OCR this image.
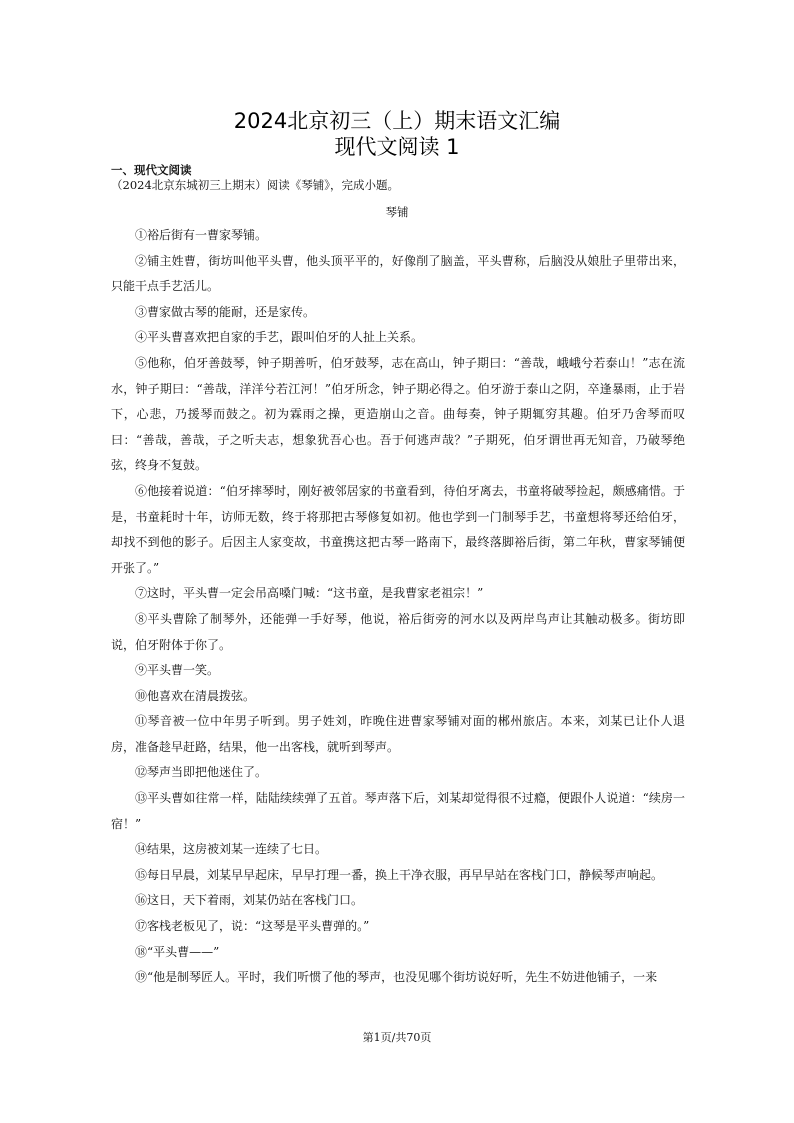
2024北京初三（上）期末语文汇编
现代文阅读 1
一、现代文阅读
（2024北京东城初三上期末）阅读《琴铺》，完成小题。
琴铺

①裕后街有一曹家琴铺。

②铺主姓曹，街坊叫他平头曹，他头顶平平的，好像削了脑盖，平头曹称，后脑没从娘肚子里带出来，只能干点手艺活儿。

③曹家做古琴的能耐，还是家传。

④平头曹喜欢把自家的手艺，跟叫伯牙的人扯上关系。

⑤他称，伯牙善鼓琴，钟子期善听，伯牙鼓琴，志在高山，钟子期曰：“善哉，峨峨兮若泰山！”志在流水，钟子期曰：“善哉，洋洋兮若江河！”伯牙所念，钟子期必得之。伯牙游于泰山之阴，卒逢暴雨，止于岩下，心悲，乃援琴而鼓之。初为霖雨之操，更造崩山之音。曲每奏，钟子期辄穷其趣。伯牙乃舍琴而叹曰：“善哉，善哉，子之听夫志，想象犹吾心也。吾于何逃声哉？”子期死，伯牙谓世再无知音，乃破琴绝弦，终身不复鼓。

⑥他接着说道：“伯牙摔琴时，刚好被邻居家的书童看到，待伯牙离去，书童将破琴捡起，颇感痛惜。于是，书童耗时十年，访师无数，终于将那把古琴修复如初。他也学到一门制琴手艺，书童想将琴还给伯牙，却找不到他的影子。后因主人家变故，书童携这把古琴一路南下，最终落脚裕后街，第二年秋，曹家琴铺便开张了。”

⑦这时，平头曹一定会吊高嗓门喊：“这书童，是我曹家老祖宗！”

⑧平头曹除了制琴外，还能弹一手好琴，他说，裕后街旁的河水以及两岸鸟声让其触动极多。街坊即说，伯牙附体于你了。

⑨平头曹一笑。

⑩他喜欢在清晨拨弦。

⑪琴音被一位中年男子听到。男子姓刘，昨晚住进曹家琴铺对面的郴州旅店。本来，刘某已让仆人退房，准备趁早赶路，结果，他一出客栈，就听到琴声。

⑫琴声当即把他迷住了。

⑬平头曹如往常一样，陆陆续续弹了五首。琴声落下后，刘某却觉得很不过瘾，便跟仆人说道：“续房一宿！”

⑭结果，这房被刘某一连续了七日。

⑮每日早晨，刘某早早起床，早早打理一番，换上干净衣服，再早早站在客栈门口，静候琴声响起。

⑯这日，天下着雨，刘某仍站在客栈门口。

⑰客栈老板见了，说：“这琴是平头曹弹的。”

⑱“平头曹——”

⑲“他是制琴匠人。平时，我们听惯了他的琴声，也没见哪个街坊说好听，先生不妨进他铺子，一来

第1页/共70页
